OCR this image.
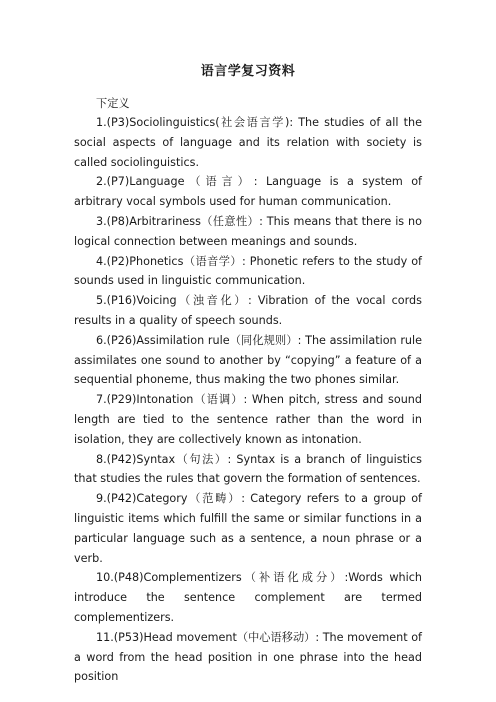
语言学复习资料

下定义

1.(P3)Sociolinguistics(社会语言学): The studies of all the social aspects of language and its relation with society is called sociolinguistics.

2.(P7)Language（语言）: Language is a system of arbitrary vocal symbols used for human communication.

3.(P8)Arbitrariness（任意性）: This means that there is no logical connection between meanings and sounds.

4.(P2)Phonetics（语音学）: Phonetic refers to the study of sounds used in linguistic communication.

5.(P16)Voicing（浊音化）: Vibration of the vocal cords results in a quality of speech sounds.

6.(P26)Assimilation rule（同化规则）: The assimilation rule assimilates one sound to another by “copying” a feature of a sequential phoneme, thus making the two phones similar.

7.(P29)Intonation（语调）: When pitch, stress and sound length are tied to the sentence rather than the word in isolation, they are collectively known as intonation.

8.(P42)Syntax（句法）: Syntax is a branch of linguistics that studies the rules that govern the formation of sentences.

9.(P42)Category（范畴）: Category refers to a group of linguistic items which fulfill the same or similar functions in a particular language such as a sentence, a noun phrase or a verb.

10.(P48)Complementizers（补语化成分）:Words which introduce the sentence complement are termed complementizers.

11.(P53)Head movement（中心语移动）: The movement of a word from the head position in one phrase into the head position
